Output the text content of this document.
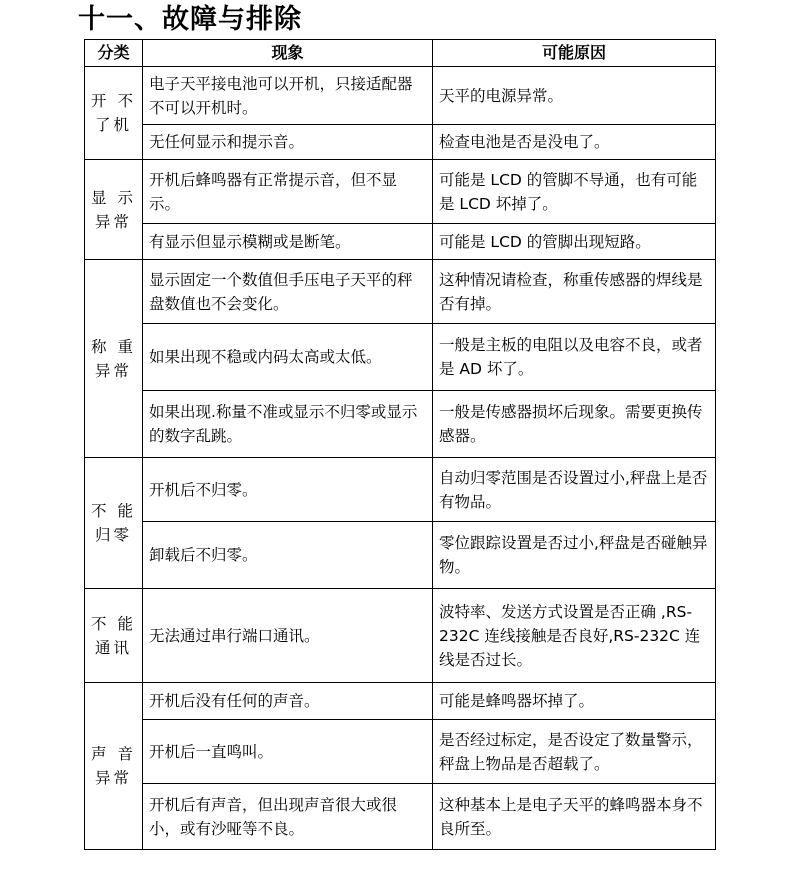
十一、故障与排除
分类	现象	可能原因

开 不
了机	电子天平接电池可以开机，只接适配器不可以开机时。	天平的电源异常。
	无任何显示和提示音。	检查电池是否是没电了。

显 示
异常	开机后蜂鸣器有正常提示音，但不显示。	可能是 LCD 的管脚不导通，也有可能是 LCD 坏掉了。
	有显示但显示模糊或是断笔。	可能是 LCD 的管脚出现短路。

称 重
异常	显示固定一个数值但手压电子天平的秤盘数值也不会变化。	这种情况请检查，称重传感器的焊线是否有掉。
	如果出现不稳或内码太高或太低。	一般是主板的电阻以及电容不良，或者是 AD 坏了。
	如果出现.称量不准或显示不归零或显示的数字乱跳。	一般是传感器损坏后现象。需要更换传感器。

不 能
归零	开机后不归零。	自动归零范围是否设置过小,秤盘上是否有物品。
	卸载后不归零。	零位跟踪设置是否过小,秤盘是否碰触异物。

不 能
通讯	无法通过串行端口通讯。	波特率、发送方式设置是否正确 ,RS-232C 连线接触是否良好,RS-232C 连线是否过长。

声 音
异常	开机后没有任何的声音。	可能是蜂鸣器坏掉了。
	开机后一直鸣叫。	是否经过标定，是否设定了数量警示，秤盘上物品是否超载了。
	开机后有声音，但出现声音很大或很小，或有沙哑等不良。	这种基本上是电子天平的蜂鸣器本身不良所至。
